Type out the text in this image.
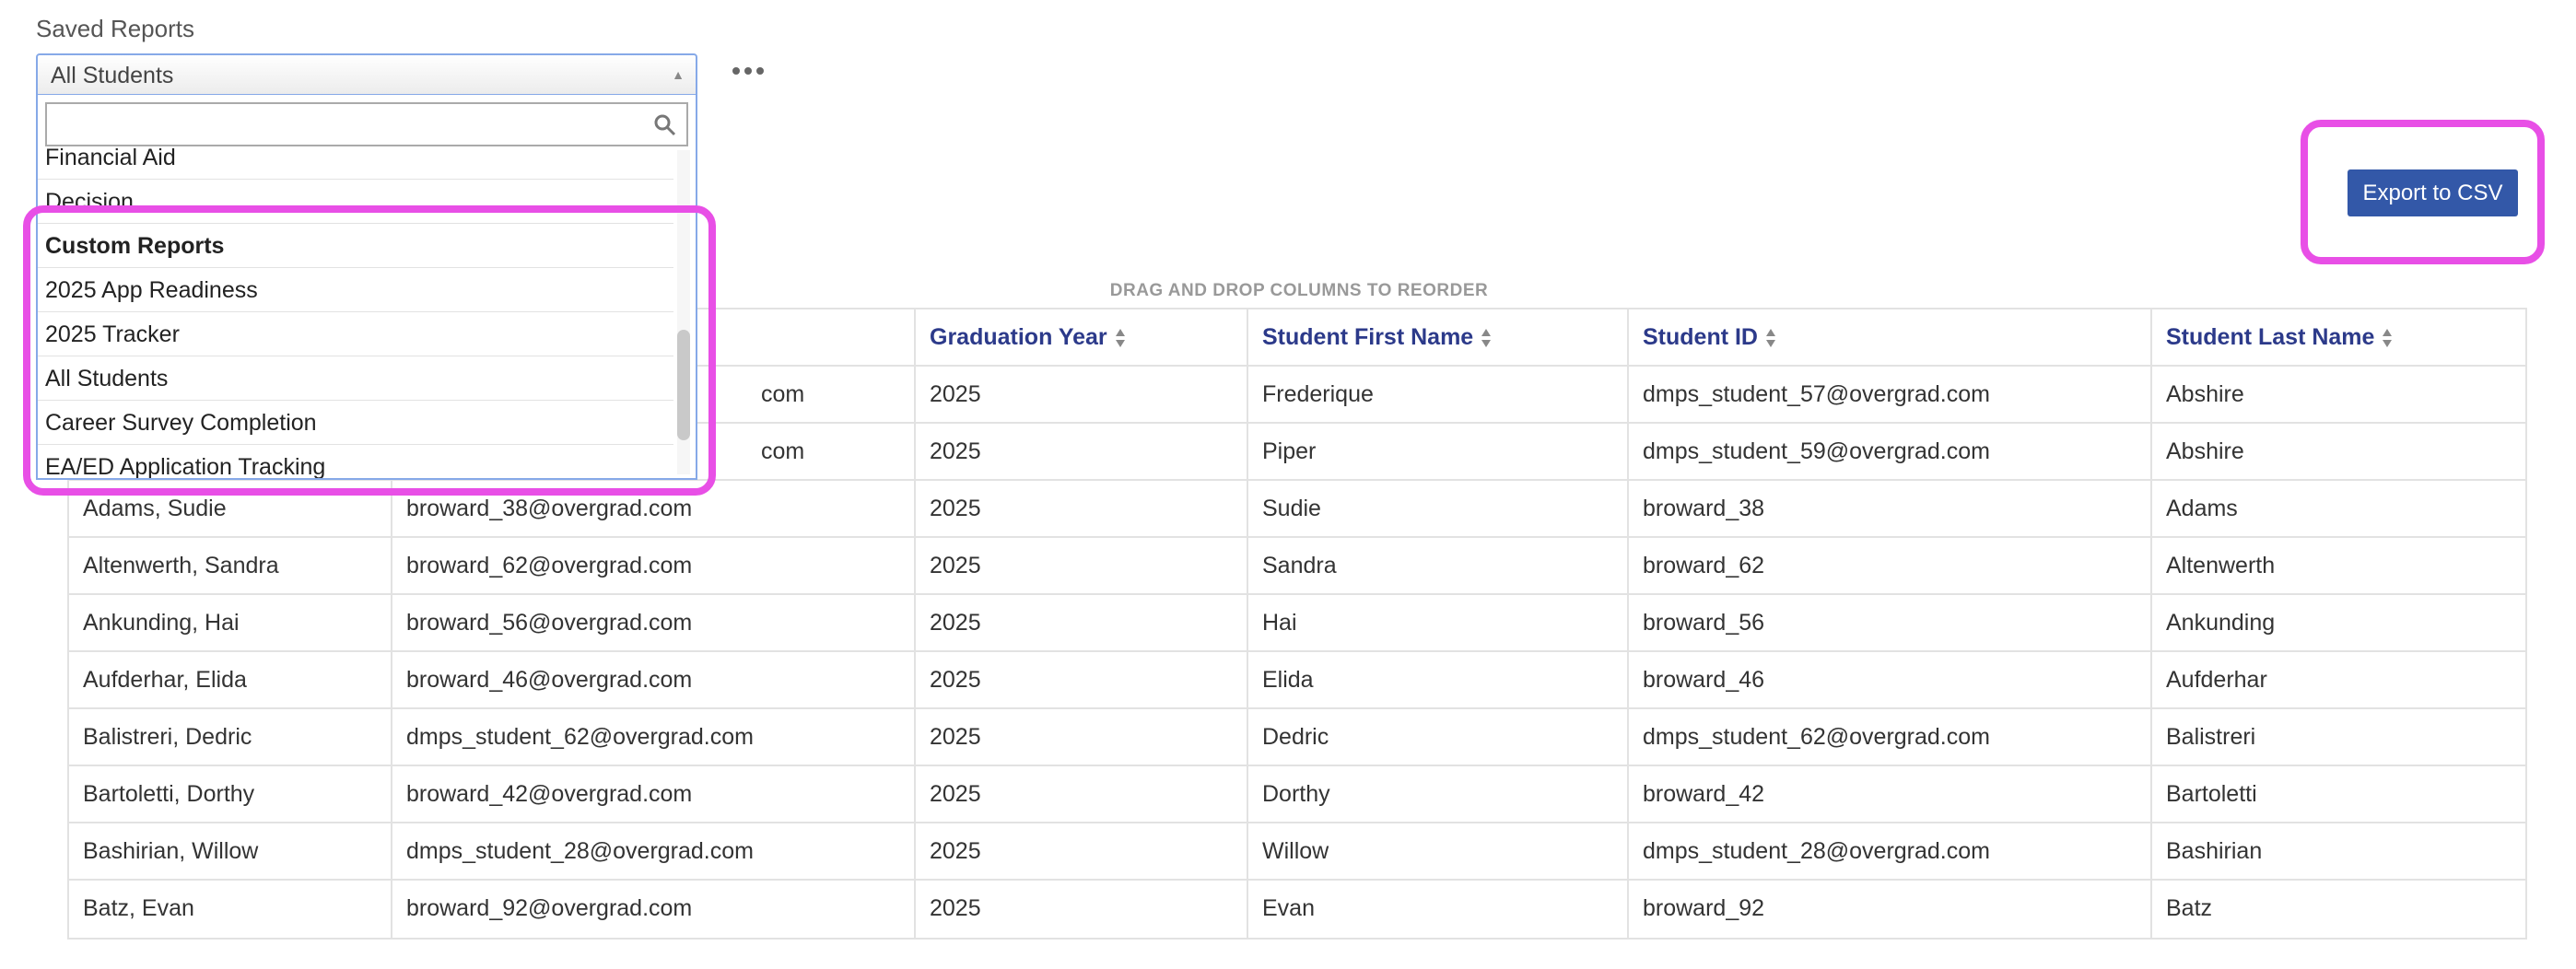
Saved Reports
All Students	▲
Financial Aid
Decision
Custom Reports
2025 App Readiness
2025 Tracker
All Students
Career Survey Completion
EA/ED Application Tracking
Export to CSV
DRAG AND DROP COLUMNS TO REORDER
Graduation Year	Student First Name	Student ID	Student Last Name
com	2025	Frederique	dmps_student_57@overgrad.com	Abshire
com	2025	Piper	dmps_student_59@overgrad.com	Abshire
Adams, Sudie	broward_38@overgrad.com	2025	Sudie	broward_38	Adams
Altenwerth, Sandra	broward_62@overgrad.com	2025	Sandra	broward_62	Altenwerth
Ankunding, Hai	broward_56@overgrad.com	2025	Hai	broward_56	Ankunding
Aufderhar, Elida	broward_46@overgrad.com	2025	Elida	broward_46	Aufderhar
Balistreri, Dedric	dmps_student_62@overgrad.com	2025	Dedric	dmps_student_62@overgrad.com	Balistreri
Bartoletti, Dorthy	broward_42@overgrad.com	2025	Dorthy	broward_42	Bartoletti
Bashirian, Willow	dmps_student_28@overgrad.com	2025	Willow	dmps_student_28@overgrad.com	Bashirian
Batz, Evan	broward_92@overgrad.com	2025	Evan	broward_92	Batz
